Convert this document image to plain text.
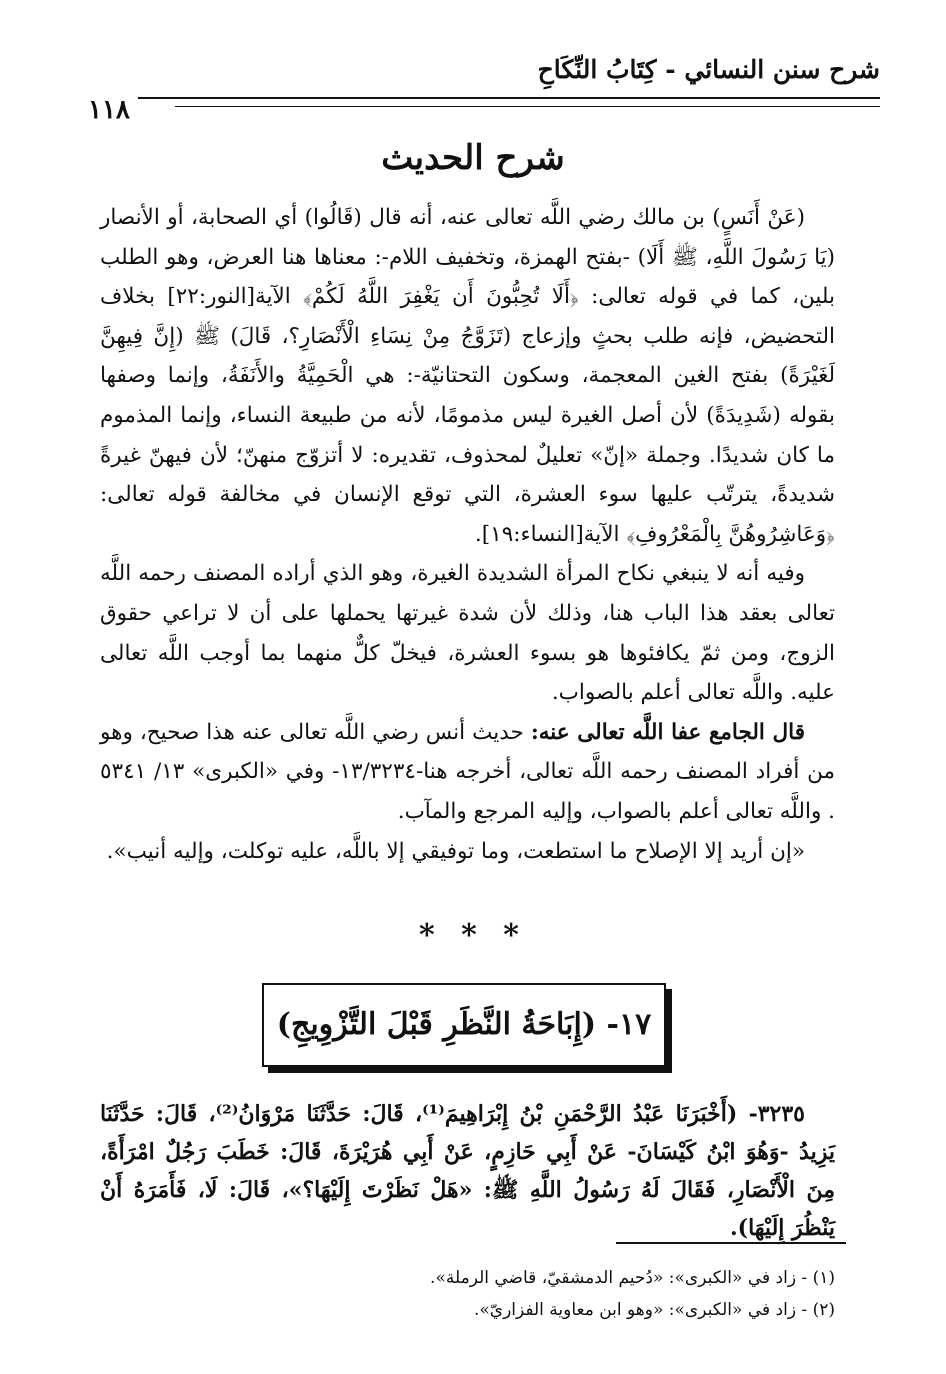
شرح سنن النسائي - كِتَابُ النِّكَاحِ
١١٨
شرح الحديث

(عَنْ أَنَسٍ) بن مالك رضي اللَّه تعالى عنه، أنه قال (قَالُوا) أي الصحابة، أو الأنصار (يَا رَسُولَ اللَّهِ، ﷺ أَلَا) -بفتح الهمزة، وتخفيف اللام-: معناها هنا العرض، وهو الطلب بلين، كما في قوله تعالى: ﴿أَلَا تُحِبُّونَ أَن يَغْفِرَ اللَّهُ لَكُمْ﴾ الآية[النور:٢٢] بخلاف التحضيض، فإنه طلب بحثٍ وإزعاج (تَزَوَّجُ مِنْ نِسَاءِ الْأَنْصَارِ؟، قَالَ) ﷺ (إِنَّ فِيهِنَّ لَغَيْرَةً) بفتح الغين المعجمة، وسكون التحتانيّة-: هي الْحَمِيَّةُ والأَنَفَةُ، وإنما وصفها بقوله (شَدِيدَةً) لأن أصل الغيرة ليس مذمومًا، لأنه من طبيعة النساء، وإنما المذموم ما كان شديدًا. وجملة «إنّ» تعليلٌ لمحذوف، تقديره: لا أتزوّج منهنّ؛ لأن فيهنّ غيرةً شديدةً، يترتّب عليها سوء العشرة، التي توقع الإنسان في مخالفة قوله تعالى: ﴿وَعَاشِرُوهُنَّ بِالْمَعْرُوفِ﴾ الآية[النساء:١٩].

وفيه أنه لا ينبغي نكاح المرأة الشديدة الغيرة، وهو الذي أراده المصنف رحمه اللَّه تعالى بعقد هذا الباب هنا، وذلك لأن شدة غيرتها يحملها على أن لا تراعي حقوق الزوج، ومن ثمّ يكافئوها هو بسوء العشرة، فيخلّ كلٌّ منهما بما أوجب اللَّه تعالى عليه. واللَّه تعالى أعلم بالصواب.

قال الجامع عفا اللَّه تعالى عنه: حديث أنس رضي اللَّه تعالى عنه هذا صحيح، وهو من أفراد المصنف رحمه اللَّه تعالى، أخرجه هنا-١٣/٣٢٣٤- وفي «الكبرى» ١٣/ ٥٣٤١ . واللَّه تعالى أعلم بالصواب، وإليه المرجع والمآب.

«إن أريد إلا الإصلاح ما استطعت، وما توفيقي إلا باللَّه، عليه توكلت، وإليه أنيب».

* * *
١٧- (إِبَاحَةُ النَّظَرِ قَبْلَ التَّزْوِيجِ)

٣٢٣٥- (أَخْبَرَنَا عَبْدُ الرَّحْمَنِ بْنُ إِبْرَاهِيمَ⁽¹⁾، قَالَ: حَدَّثَنَا مَرْوَانُ⁽²⁾، قَالَ: حَدَّثَنَا يَزِيدُ -وَهُوَ ابْنُ كَيْسَانَ- عَنْ أَبِي حَازِمٍ، عَنْ أَبِي هُرَيْرَةَ، قَالَ: خَطَبَ رَجُلٌ امْرَأَةً، مِنَ الْأَنْصَارِ، فَقَالَ لَهُ رَسُولُ اللَّهِ ﷺ: «هَلْ نَظَرْتَ إِلَيْهَا؟»، قَالَ: لَا، فَأَمَرَهُ أَنْ يَنْظُرَ إِلَيْهَا).

(١) - زاد في «الكبرى»: «دُحيم الدمشقيّ، قاضي الرملة».
(٢) - زاد في «الكبرى»: «وهو ابن معاوية الفزاريّ».
